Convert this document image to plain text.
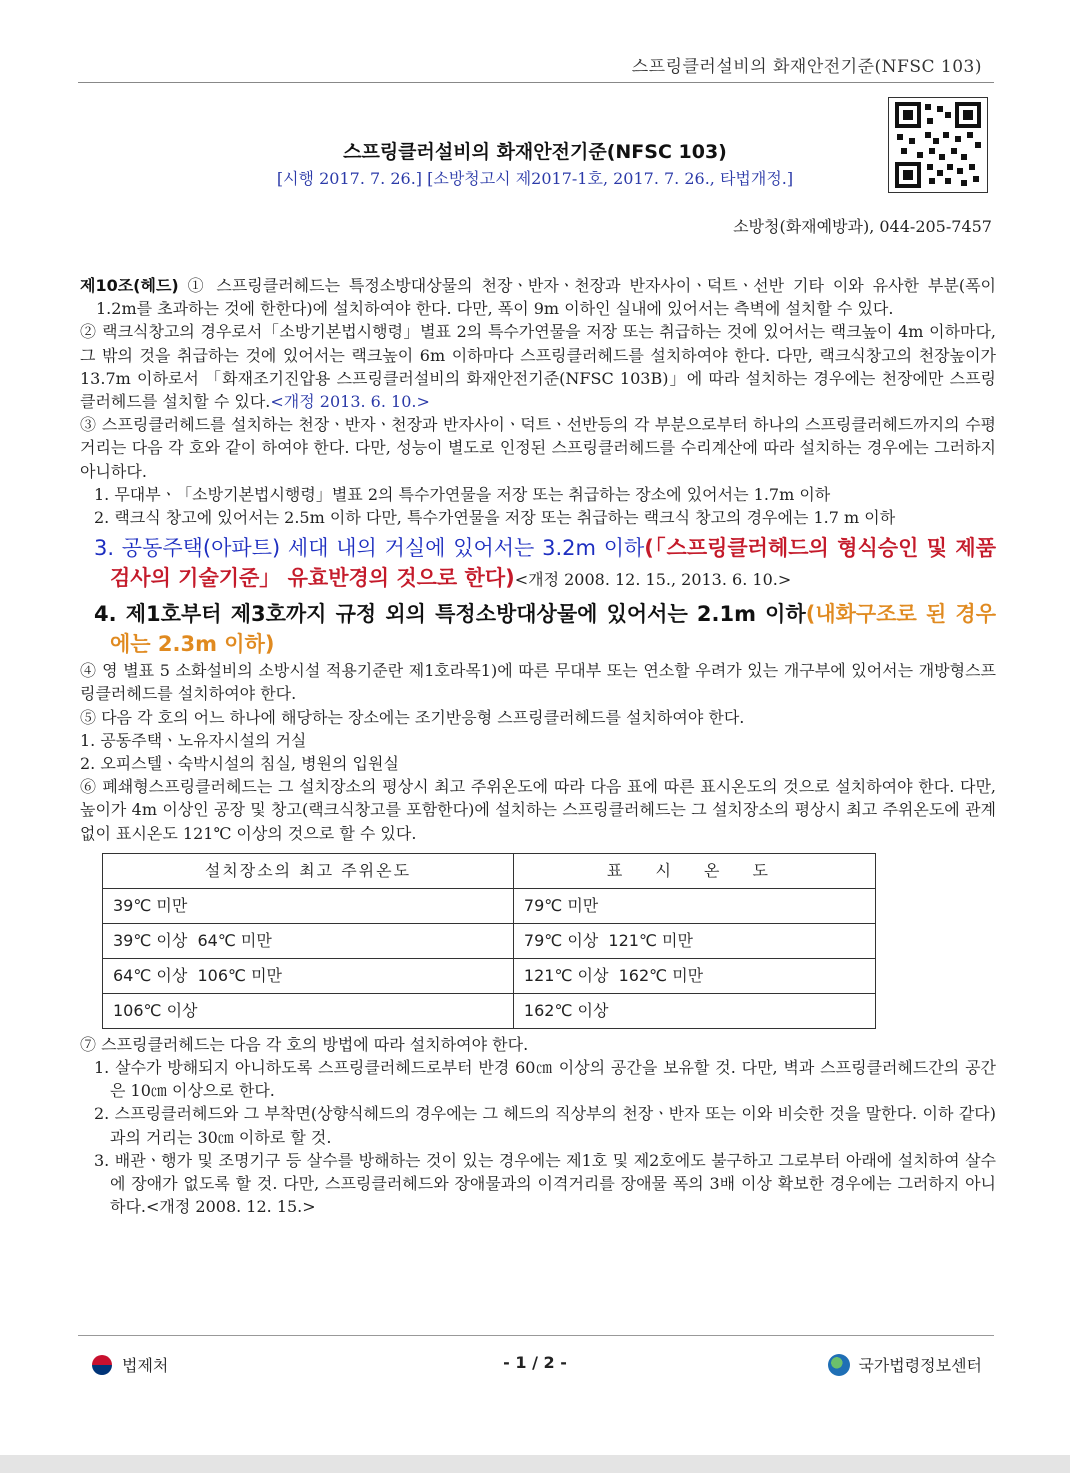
스프링클러설비의 화재안전기준(NFSC 103)
스프링클러설비의 화재안전기준(NFSC 103)
[시행 2017. 7. 26.] [소방청고시 제2017-1호, 2017. 7. 26., 타법개정.]
소방청(화재예방과), 044-205-7457

제10조(헤드) ① 스프링클러헤드는 특정소방대상물의 천장ㆍ반자ㆍ천장과 반자사이ㆍ덕트ㆍ선반 기타 이와 유사한 부분(폭이 1.2m를 초과하는 것에 한한다)에 설치하여야 한다. 다만, 폭이 9m 이하인 실내에 있어서는 측벽에 설치할 수 있다.

② 랙크식창고의 경우로서「소방기본법시행령」별표 2의 특수가연물을 저장 또는 취급하는 것에 있어서는 랙크높이 4m 이하마다, 그 밖의 것을 취급하는 것에 있어서는 랙크높이 6m 이하마다 스프링클러헤드를 설치하여야 한다. 다만, 랙크식창고의 천장높이가 13.7m 이하로서 「화재조기진압용 스프링클러설비의 화재안전기준(NFSC 103B)」에 따라 설치하는 경우에는 천장에만 스프링클러헤드를 설치할 수 있다.<개정 2013. 6. 10.>

③ 스프링클러헤드를 설치하는 천장ㆍ반자ㆍ천장과 반자사이ㆍ덕트ㆍ선반등의 각 부분으로부터 하나의 스프링클러헤드까지의 수평거리는 다음 각 호와 같이 하여야 한다. 다만, 성능이 별도로 인정된 스프링클러헤드를 수리계산에 따라 설치하는 경우에는 그러하지 아니하다.

1. 무대부ㆍ「소방기본법시행령」별표 2의 특수가연물을 저장 또는 취급하는 장소에 있어서는 1.7m 이하

2. 랙크식 창고에 있어서는 2.5m 이하 다만, 특수가연물을 저장 또는 취급하는 랙크식 창고의 경우에는 1.7 m 이하

3. 공동주택(아파트) 세대 내의 거실에 있어서는 3.2m 이하(「스프링클러헤드의 형식승인 및 제품검사의 기술기준」 유효반경의 것으로 한다)<개정 2008. 12. 15., 2013. 6. 10.>

4. 제1호부터 제3호까지 규정 외의 특정소방대상물에 있어서는 2.1m 이하(내화구조로 된 경우에는 2.3m 이하)

④ 영 별표 5 소화설비의 소방시설 적용기준란 제1호라목1)에 따른 무대부 또는 연소할 우려가 있는 개구부에 있어서는 개방형스프링클러헤드를 설치하여야 한다.

⑤ 다음 각 호의 어느 하나에 해당하는 장소에는 조기반응형 스프링클러헤드를 설치하여야 한다.

1. 공동주택ㆍ노유자시설의 거실

2. 오피스텔ㆍ숙박시설의 침실, 병원의 입원실

⑥ 폐쇄형스프링클러헤드는 그 설치장소의 평상시 최고 주위온도에 따라 다음 표에 따른 표시온도의 것으로 설치하여야 한다. 다만, 높이가 4m 이상인 공장 및 창고(랙크식창고를 포함한다)에 설치하는 스프링클러헤드는 그 설치장소의 평상시 최고 주위온도에 관계없이 표시온도 121℃ 이상의 것으로 할 수 있다.

설치장소의 최고 주위온도	표 시 온 도
39℃ 미만	79℃ 미만
39℃ 이상  64℃ 미만	79℃ 이상  121℃ 미만
64℃ 이상  106℃ 미만	121℃ 이상  162℃ 미만
106℃ 이상	162℃ 이상

⑦ 스프링클러헤드는 다음 각 호의 방법에 따라 설치하여야 한다.

1. 살수가 방해되지 아니하도록 스프링클러헤드로부터 반경 60㎝ 이상의 공간을 보유할 것. 다만, 벽과 스프링클러헤드간의 공간은 10㎝ 이상으로 한다.

2. 스프링클러헤드와 그 부착면(상향식헤드의 경우에는 그 헤드의 직상부의 천장ㆍ반자 또는 이와 비슷한 것을 말한다. 이하 같다)과의 거리는 30㎝ 이하로 할 것.

3. 배관ㆍ행가 및 조명기구 등 살수를 방해하는 것이 있는 경우에는 제1호 및 제2호에도 불구하고 그로부터 아래에 설치하여 살수에 장애가 없도록 할 것. 다만, 스프링클러헤드와 장애물과의 이격거리를 장애물 폭의 3배 이상 확보한 경우에는 그러하지 아니하다.<개정 2008. 12. 15.>

법제처	- 1 / 2 -	국가법령정보센터
